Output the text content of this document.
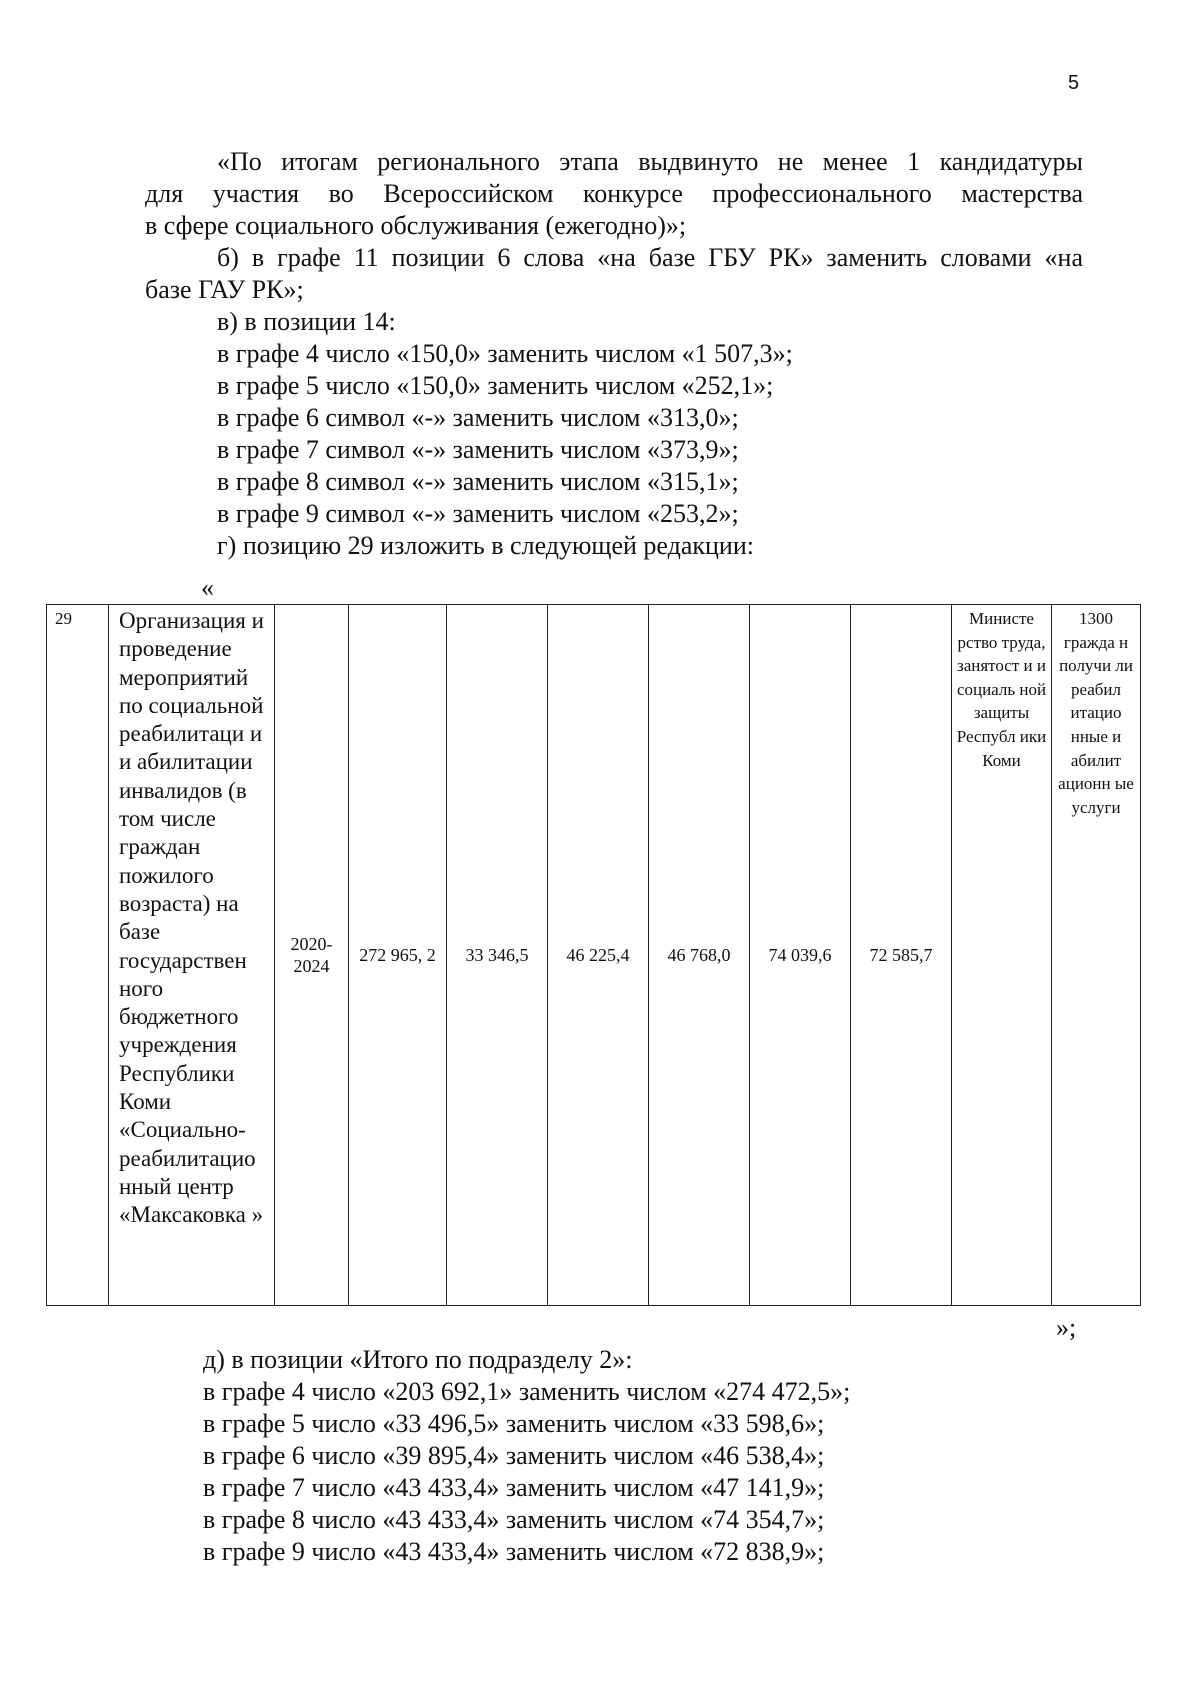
5
«По итогам регионального этапа выдвинуто не менее 1 кандидатуры
для участия во Всероссийском конкурсе профессионального мастерства
в сфере социального обслуживания (ежегодно)»;
б) в графе 11 позиции 6 слова «на базе ГБУ РК» заменить словами «на
базе ГАУ РК»;
в) в позиции 14:
в графе 4 число «150,0» заменить числом «1 507,3»;
в графе 5 число «150,0» заменить числом «252,1»;
в графе 6 символ «-» заменить числом «313,0»;
в графе 7 символ «-» заменить числом «373,9»;
в графе 8 символ «-» заменить числом «315,1»;
в графе 9 символ «-» заменить числом «253,2»;
г) позицию 29 изложить в следующей редакции:
«
29	Организация и проведение мероприятий по социальной реабилитаци и и абилитации инвалидов (в том числе граждан пожилого возраста) на базе государствен ного бюджетного учреждения Республики Коми «Социально-реабилитацио нный центр «Максаковка »	2020-2024	272 965, 2	33 346,5	46 225,4	46 768,0	74 039,6	72 585,7	Министе рство труда, занятост и и социаль ной защиты Республ ики Коми	1300 гражда н получи ли реабил итацио нные и абилит ационн ые услуги
»;
д) в позиции «Итого по подразделу 2»:
в графе 4 число «203 692,1» заменить числом «274 472,5»;
в графе 5 число «33 496,5» заменить числом «33 598,6»;
в графе 6 число «39 895,4» заменить числом «46 538,4»;
в графе 7 число «43 433,4» заменить числом «47 141,9»;
в графе 8 число «43 433,4» заменить числом «74 354,7»;
в графе 9 число «43 433,4» заменить числом «72 838,9»;
